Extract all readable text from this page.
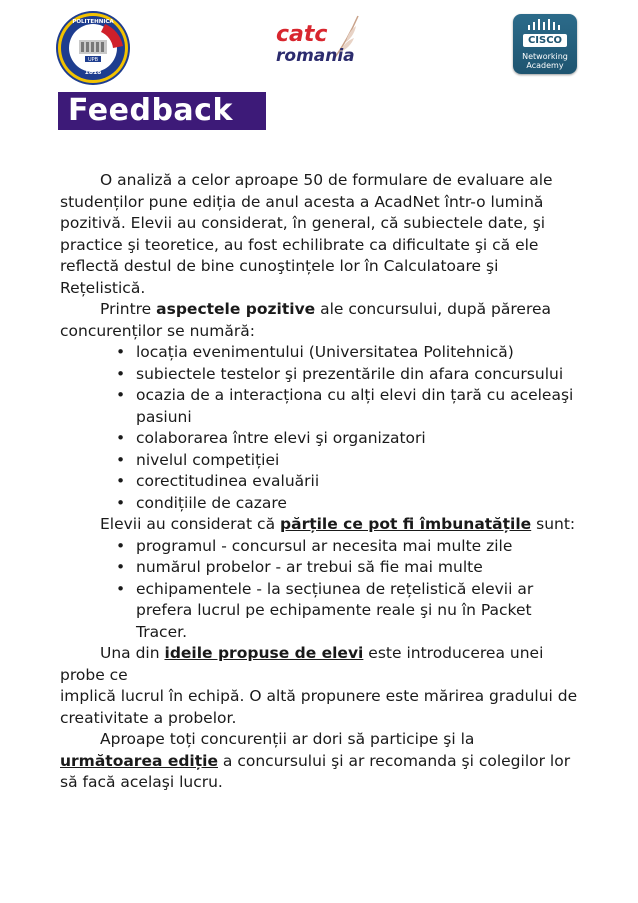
UPB
POLITEHNICA
1818
catc
romania
CISCO
Networking
Academy
Feedback

O analiză a celor aproape 50 de formulare de evaluare ale studenților pune ediția de anul acesta a AcadNet într-o lumină pozitivă. Elevii au considerat, în general, că subiectele date, şi practice şi teoretice, au fost echilibrate ca dificultate şi că ele reflectă destul de bine cunoştințele lor în Calculatoare şi Rețelistică.

Printre aspectele pozitive ale concursului, după părerea concurenților se numără:

• locația evenimentului (Universitatea Politehnică)
• subiectele testelor şi prezentările din afara concursului
• ocazia de a interacționa cu alți elevi din țară cu aceleaşi pasiuni
• colaborarea între elevi şi organizatori
• nivelul competiției
• corectitudinea evaluării
• condițiile de cazare

Elevii au considerat că părțile ce pot fi îmbunatățile sunt:

• programul - concursul ar necesita mai multe zile
• numărul probelor - ar trebui să fie mai multe
• echipamentele - la secțiunea de rețelistică elevii ar prefera lucrul pe echipamente reale şi nu în Packet Tracer.

Una din ideile propuse de elevi este introducerea unei probe ce

implică lucrul în echipă. O altă propunere este mărirea gradului de

creativitate a probelor.

Aproape toți concurenții ar dori să participe şi la următoarea ediție a concursului şi ar recomanda şi colegilor lor să facă acelaşi lucru.
